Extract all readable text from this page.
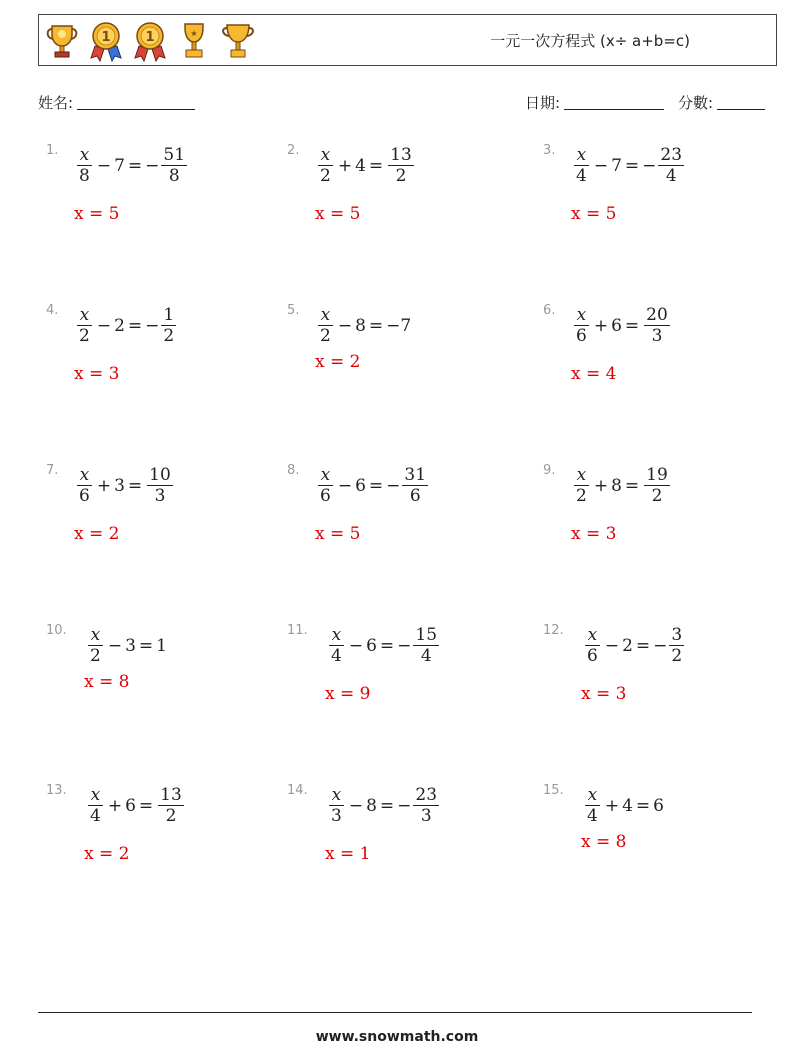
1	1	★	一元一次方程式 (x÷ a+b=c)
姓名:	日期:	分數:
1. $\frac{x}{8} - 7$ = − $\frac{51}{8}$
x = 5
2. $\frac{x}{2} + 4 = \frac{13}{2}$
x = 5
3. $\frac{x}{4} - 7$ = − $\frac{23}{4}$
x = 5
4. $\frac{x}{2} - 2$ = − $\frac{1}{2}$
x = 3
5. $\frac{x}{2} - 8 = -7$
x = 2
6. $\frac{x}{6} + 6 = \frac{20}{3}$
x = 4
7. $\frac{x}{6} + 3 = \frac{10}{3}$
x = 2
8. $\frac{x}{6} - 6$ = − $\frac{31}{6}$
x = 5
9. $\frac{x}{2} + 8 = \frac{19}{2}$
x = 3
10. $\frac{x}{2} - 3 = 1$
x = 8
11. $\frac{x}{4} - 6$ = − $\frac{15}{4}$
x = 9
12. $\frac{x}{6} - 2$ = − $\frac{3}{2}$
x = 3
13. $\frac{x}{4} + 6 = \frac{13}{2}$
x = 2
14. $\frac{x}{3} - 8$ = − $\frac{23}{3}$
x = 1
15. $\frac{x}{4} + 4 = 6$
x = 8
www.snowmath.com
